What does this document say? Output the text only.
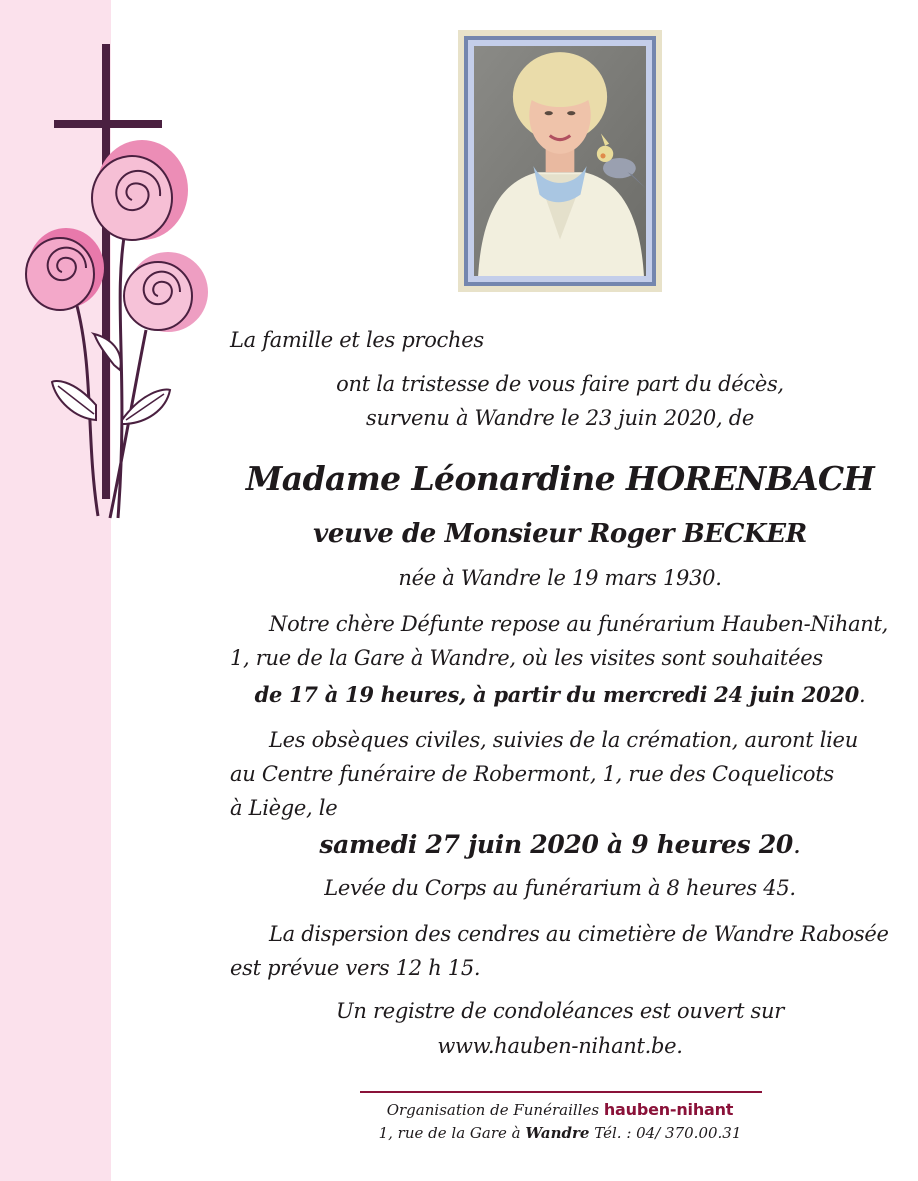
La famille et les proches

ont la tristesse de vous faire part du décès,

survenu à Wandre le 23 juin 2020, de

Madame Léonardine HORENBACH
veuve de Monsieur Roger BECKER

née à Wandre le 19 mars 1930.

Notre chère Défunte repose au funérarium Hauben-Nihant,

1, rue de la Gare à Wandre, où les visites sont souhaitées

de 17 à 19 heures, à partir du mercredi 24 juin 2020.

Les obsèques civiles, suivies de la crémation, auront lieu

au Centre funéraire de Robermont, 1, rue des Coquelicots

à Liège, le

samedi 27 juin 2020 à 9 heures 20.

Levée du Corps au funérarium à 8 heures 45.

La dispersion des cendres au cimetière de Wandre Rabosée

est prévue vers 12 h 15.

Un registre de condoléances est ouvert sur

www.hauben-nihant.be.

Organisation de Funérailles hauben-nihant
1, rue de la Gare à Wandre Tél. : 04/ 370.00.31
